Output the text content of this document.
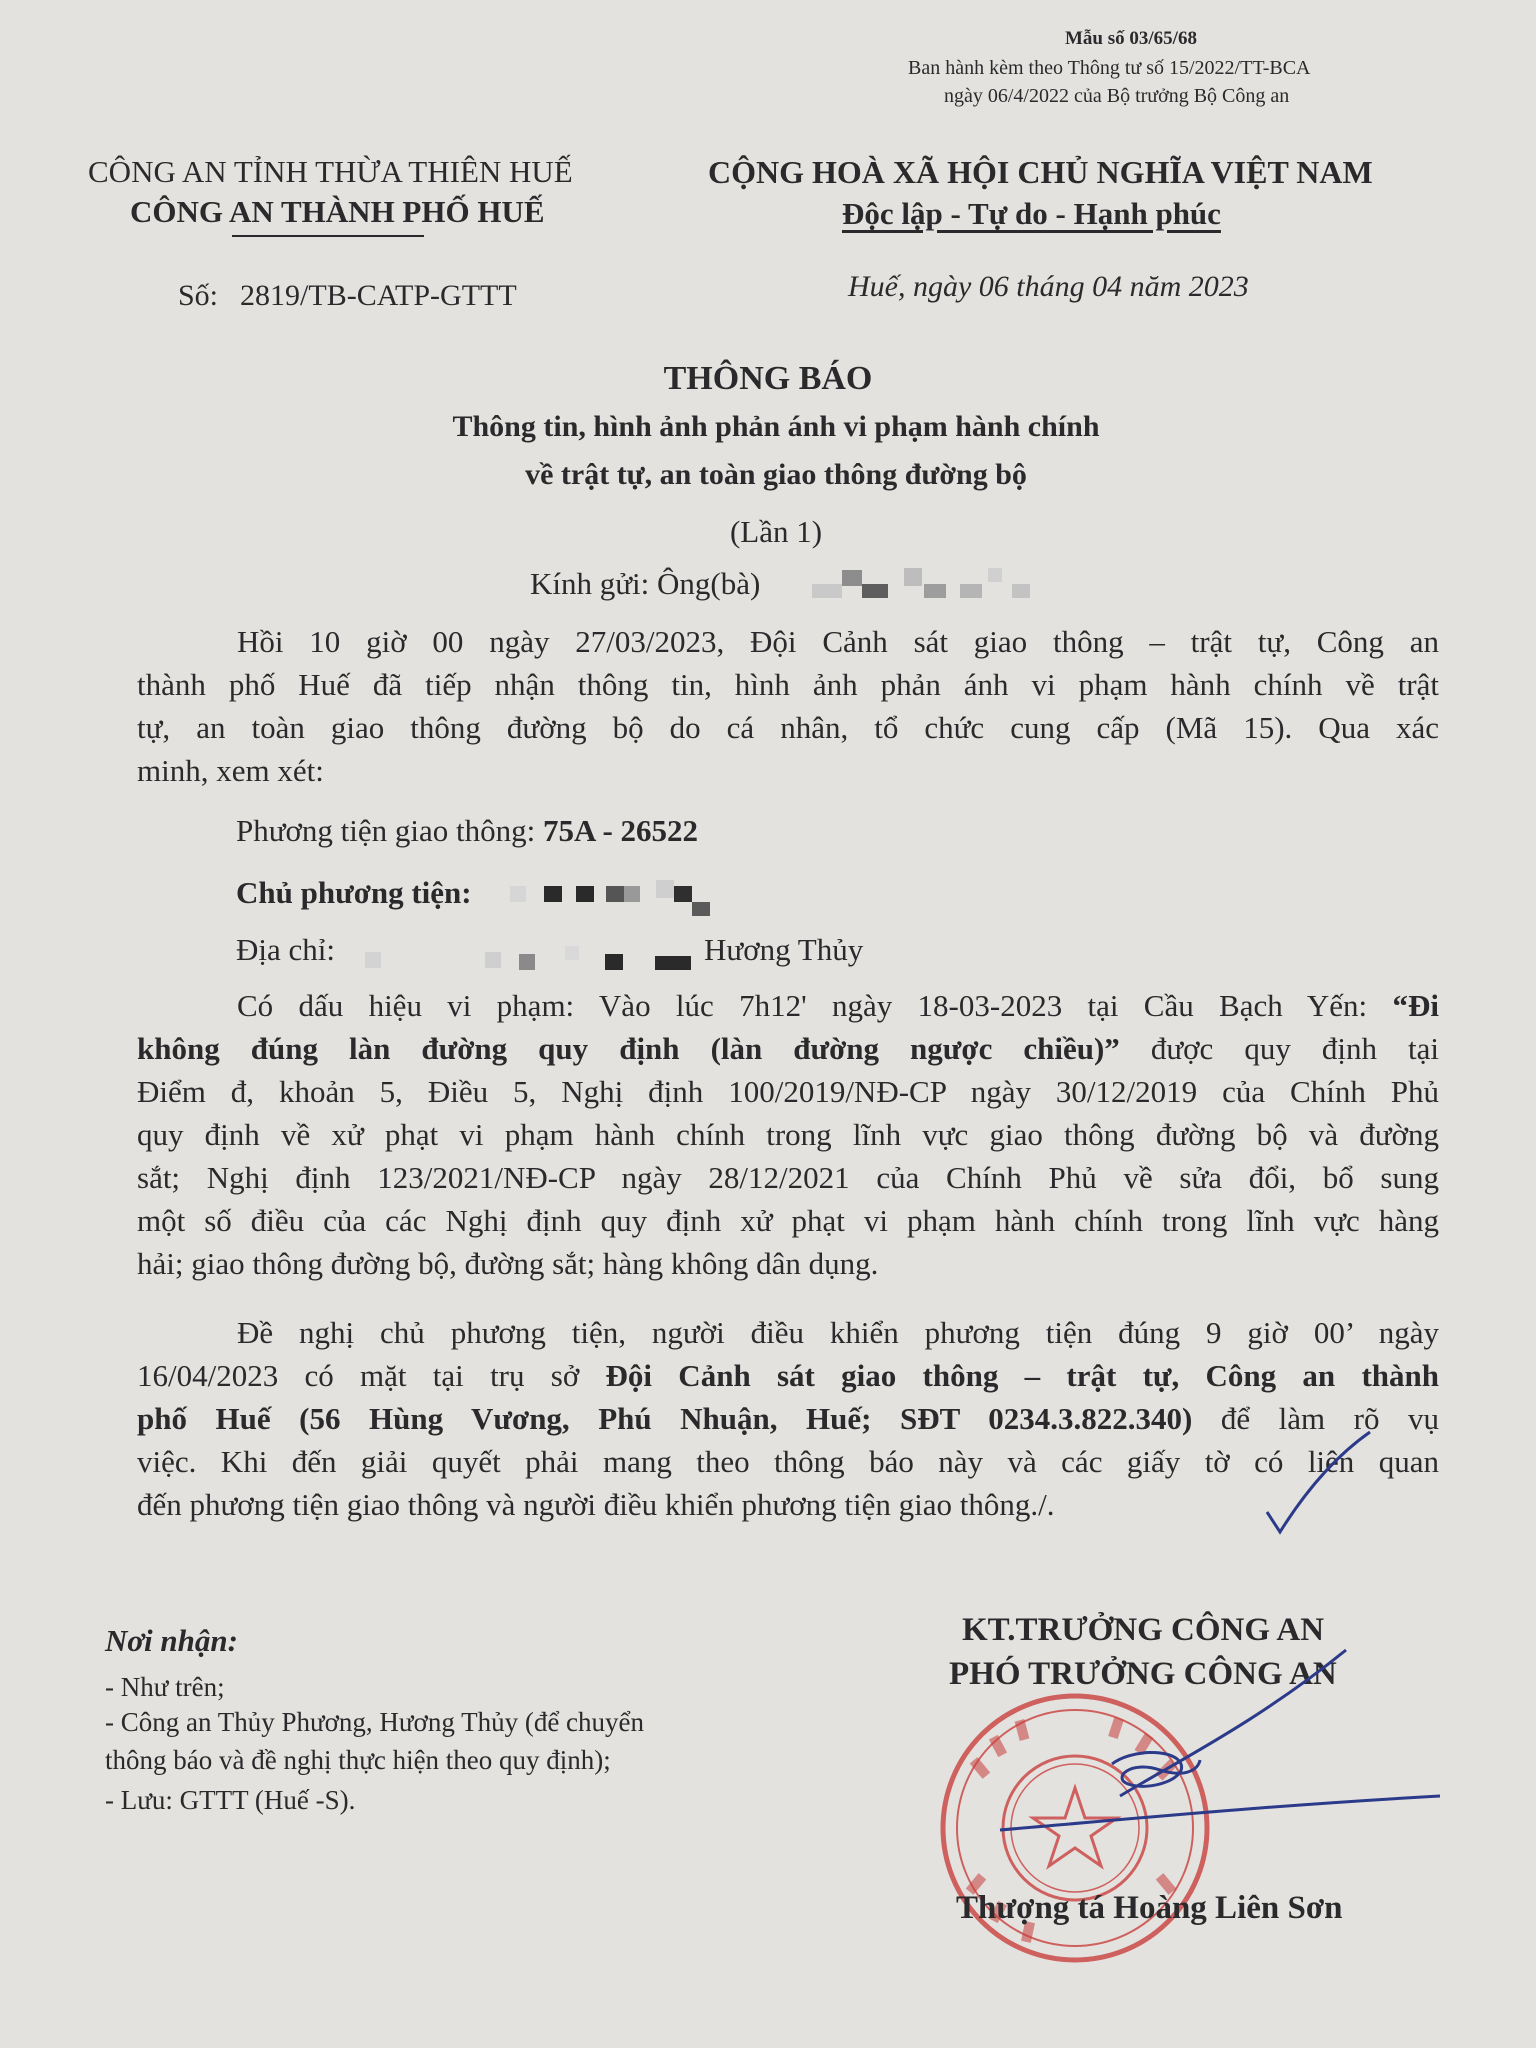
Mẫu số 03/65/68
Ban hành kèm theo Thông tư số 15/2022/TT-BCA
ngày 06/4/2022 của Bộ trưởng Bộ Công an
CÔNG AN TỈNH THỪA THIÊN HUẾ
CÔNG AN THÀNH PHỐ HUẾ
CỘNG HOÀ XÃ HỘI CHỦ NGHĨA VIỆT NAM
Độc lập - Tự do - Hạnh phúc
Số: 2819/TB-CATP-GTTT	Huế, ngày 06 tháng 04 năm 2023
THÔNG BÁO
Thông tin, hình ảnh phản ánh vi phạm hành chính
về trật tự, an toàn giao thông đường bộ
(Lần 1)
Kính gửi: Ông(bà)
Hồi 10 giờ 00 ngày 27/03/2023, Đội Cảnh sát giao thông – trật tự, Công an
thành phố Huế đã tiếp nhận thông tin, hình ảnh phản ánh vi phạm hành chính về trật
tự, an toàn giao thông đường bộ do cá nhân, tổ chức cung cấp (Mã 15). Qua xác
minh, xem xét:
Phương tiện giao thông: 75A - 26522
Chủ phương tiện:
Địa chỉ:	Hương Thủy
Có dấu hiệu vi phạm: Vào lúc 7h12' ngày 18-03-2023 tại Cầu Bạch Yến: “Đi
không đúng làn đường quy định (làn đường ngược chiều)” được quy định tại
Điểm đ, khoản 5, Điều 5, Nghị định 100/2019/NĐ-CP ngày 30/12/2019 của Chính Phủ
quy định về xử phạt vi phạm hành chính trong lĩnh vực giao thông đường bộ và đường
sắt; Nghị định 123/2021/NĐ-CP ngày 28/12/2021 của Chính Phủ về sửa đổi, bổ sung
một số điều của các Nghị định quy định xử phạt vi phạm hành chính trong lĩnh vực hàng
hải; giao thông đường bộ, đường sắt; hàng không dân dụng.
Đề nghị chủ phương tiện, người điều khiển phương tiện đúng 9 giờ 00’ ngày
16/04/2023 có mặt tại trụ sở Đội Cảnh sát giao thông – trật tự, Công an thành
phố Huế (56 Hùng Vương, Phú Nhuận, Huế; SĐT 0234.3.822.340) để làm rõ vụ
việc. Khi đến giải quyết phải mang theo thông báo này và các giấy tờ có liên quan
đến phương tiện giao thông và người điều khiển phương tiện giao thông./.
Nơi nhận:
- Như trên;
- Công an Thủy Phương, Hương Thủy (để chuyển
thông báo và đề nghị thực hiện theo quy định);
- Lưu: GTTT (Huế -S).
KT.TRƯỞNG CÔNG AN
PHÓ TRƯỞNG CÔNG AN
Thượng tá Hoàng Liên Sơn
